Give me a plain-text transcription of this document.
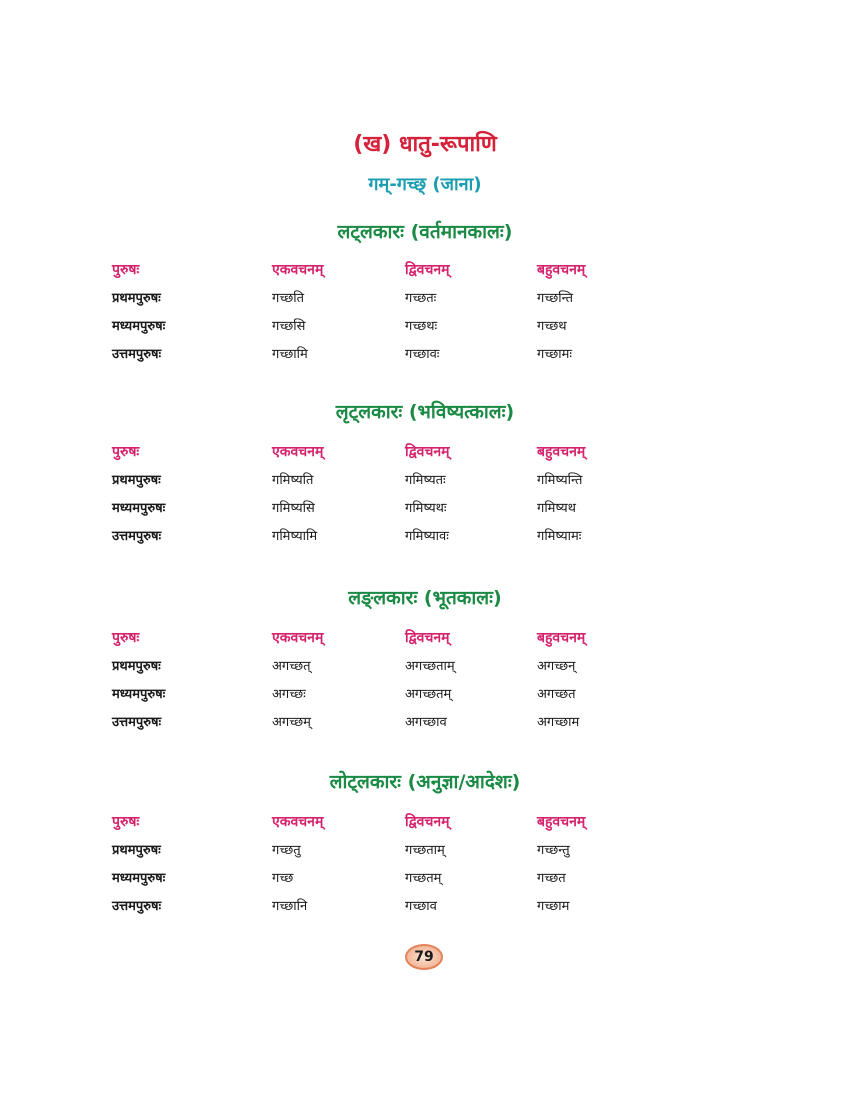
(ख) धातु-रूपाणि
गम्-गच्छ् (जाना)
लट्लकारः (वर्तमानकालः)
पुरुषः	एकवचनम्	द्विवचनम्	बहुवचनम्
प्रथमपुरुषः	गच्छति	गच्छतः	गच्छन्ति
मध्यमपुरुषः	गच्छसि	गच्छथः	गच्छथ
उत्तमपुरुषः	गच्छामि	गच्छावः	गच्छामः
लृट्लकारः (भविष्यत्कालः)
पुरुषः	एकवचनम्	द्विवचनम्	बहुवचनम्
प्रथमपुरुषः	गमिष्यति	गमिष्यतः	गमिष्यन्ति
मध्यमपुरुषः	गमिष्यसि	गमिष्यथः	गमिष्यथ
उत्तमपुरुषः	गमिष्यामि	गमिष्यावः	गमिष्यामः
लङ्लकारः (भूतकालः)
पुरुषः	एकवचनम्	द्विवचनम्	बहुवचनम्
प्रथमपुरुषः	अगच्छत्	अगच्छताम्	अगच्छन्
मध्यमपुरुषः	अगच्छः	अगच्छतम्	अगच्छत
उत्तमपुरुषः	अगच्छम्	अगच्छाव	अगच्छाम
लोट्लकारः (अनुज्ञा/आदेशः)
पुरुषः	एकवचनम्	द्विवचनम्	बहुवचनम्
प्रथमपुरुषः	गच्छतु	गच्छताम्	गच्छन्तु
मध्यमपुरुषः	गच्छ	गच्छतम्	गच्छत
उत्तमपुरुषः	गच्छानि	गच्छाव	गच्छाम
79
